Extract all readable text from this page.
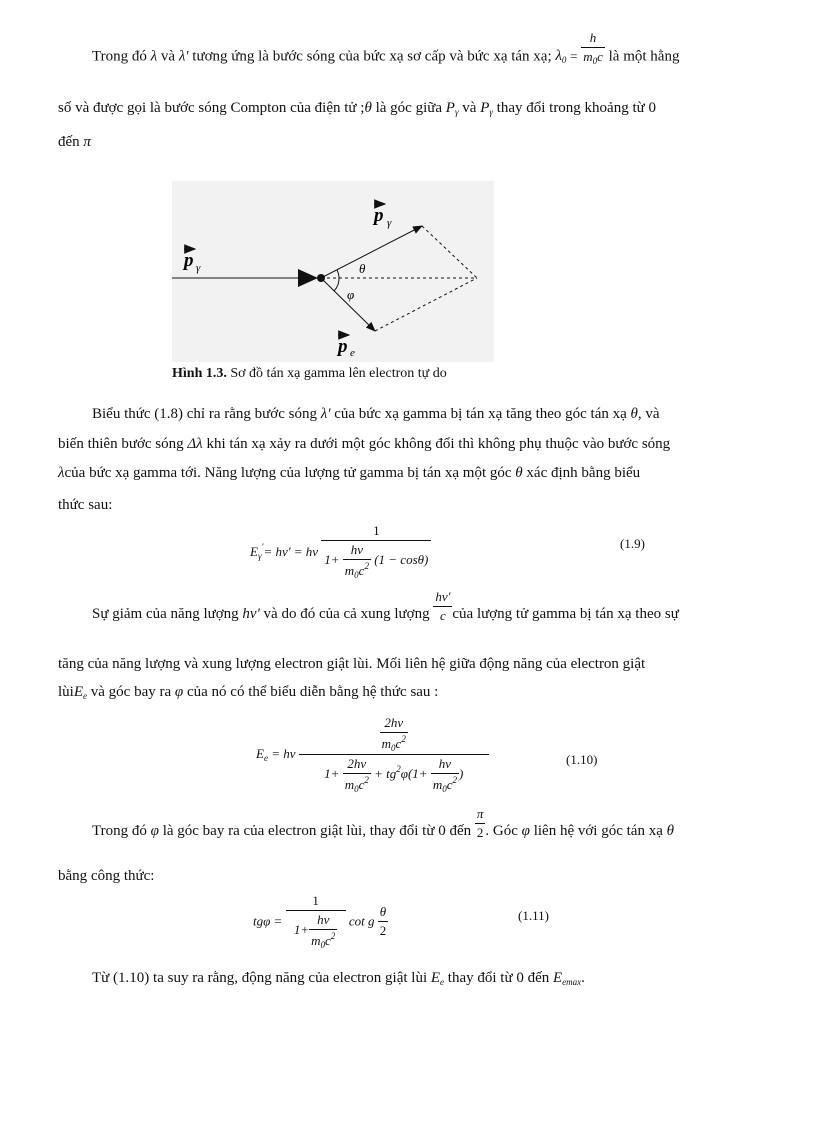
Trong đó λ và λ' tương ứng là bước sóng của bức xạ sơ cấp và bức xạ tán xạ; $\lambda_0 = \frac{h}{m_0c}$ là một hằng
số và được gọi là bước sóng Compton của điện tử ;θ là góc giữa $P_\gamma$ và $P_\gamma$ thay đổi trong khoảng từ 0
đến π
p γ
p γ
p e
θ
φ
Hình 1.3. Sơ đồ tán xạ gamma lên electron tự do
Biểu thức (1.8) chỉ ra rằng bước sóng λ' của bức xạ gamma bị tán xạ tăng theo góc tán xạ θ, và
biến thiên bước sóng Δλ khi tán xạ xảy ra dưới một góc không đổi thì không phụ thuộc vào bước sóng
λcủa bức xạ gamma tới. Năng lượng của lượng tử gamma bị tán xạ một góc θ xác định bằng biểu
thức sau:
$E_\gamma'= h\nu' = h\nu \frac{1}{1+ \frac{h\nu}{m_0c^2} (1 - \cos\theta)}$	(1.9)
Sự giảm của năng lượng hν' và do đó của cả xung lượng $\frac{h\nu'}{c}$ của lượng tử gamma bị tán xạ theo sự
tăng của năng lượng và xung lượng electron giật lùi. Mối liên hệ giữa động năng của electron giật
lùiE$_e$ và góc bay ra φ của nó có thể biểu diễn bằng hệ thức sau :
$E_e = h\nu \frac{\frac{2h\nu}{m_0c^2}}{1+ \frac{2h\nu}{m_0c^2} + tg^2\varphi(1+ \frac{h\nu}{m_0c^2} )}$	(1.10)
Trong đó φ là góc bay ra của electron giật lùi, thay đổi từ 0 đến $\frac{\pi}{2}$ . Góc φ liên hệ với góc tán xạ θ
bằng công thức:
$tg\varphi = \frac{1}{1+ \frac{h\nu}{m_0c^2}}$ cot g $\frac{\theta}{2}$	(1.11)
Từ (1.10) ta suy ra rằng, động năng của electron giật lùi $E_e$ thay đổi từ 0 đến $E_{emax}$.
